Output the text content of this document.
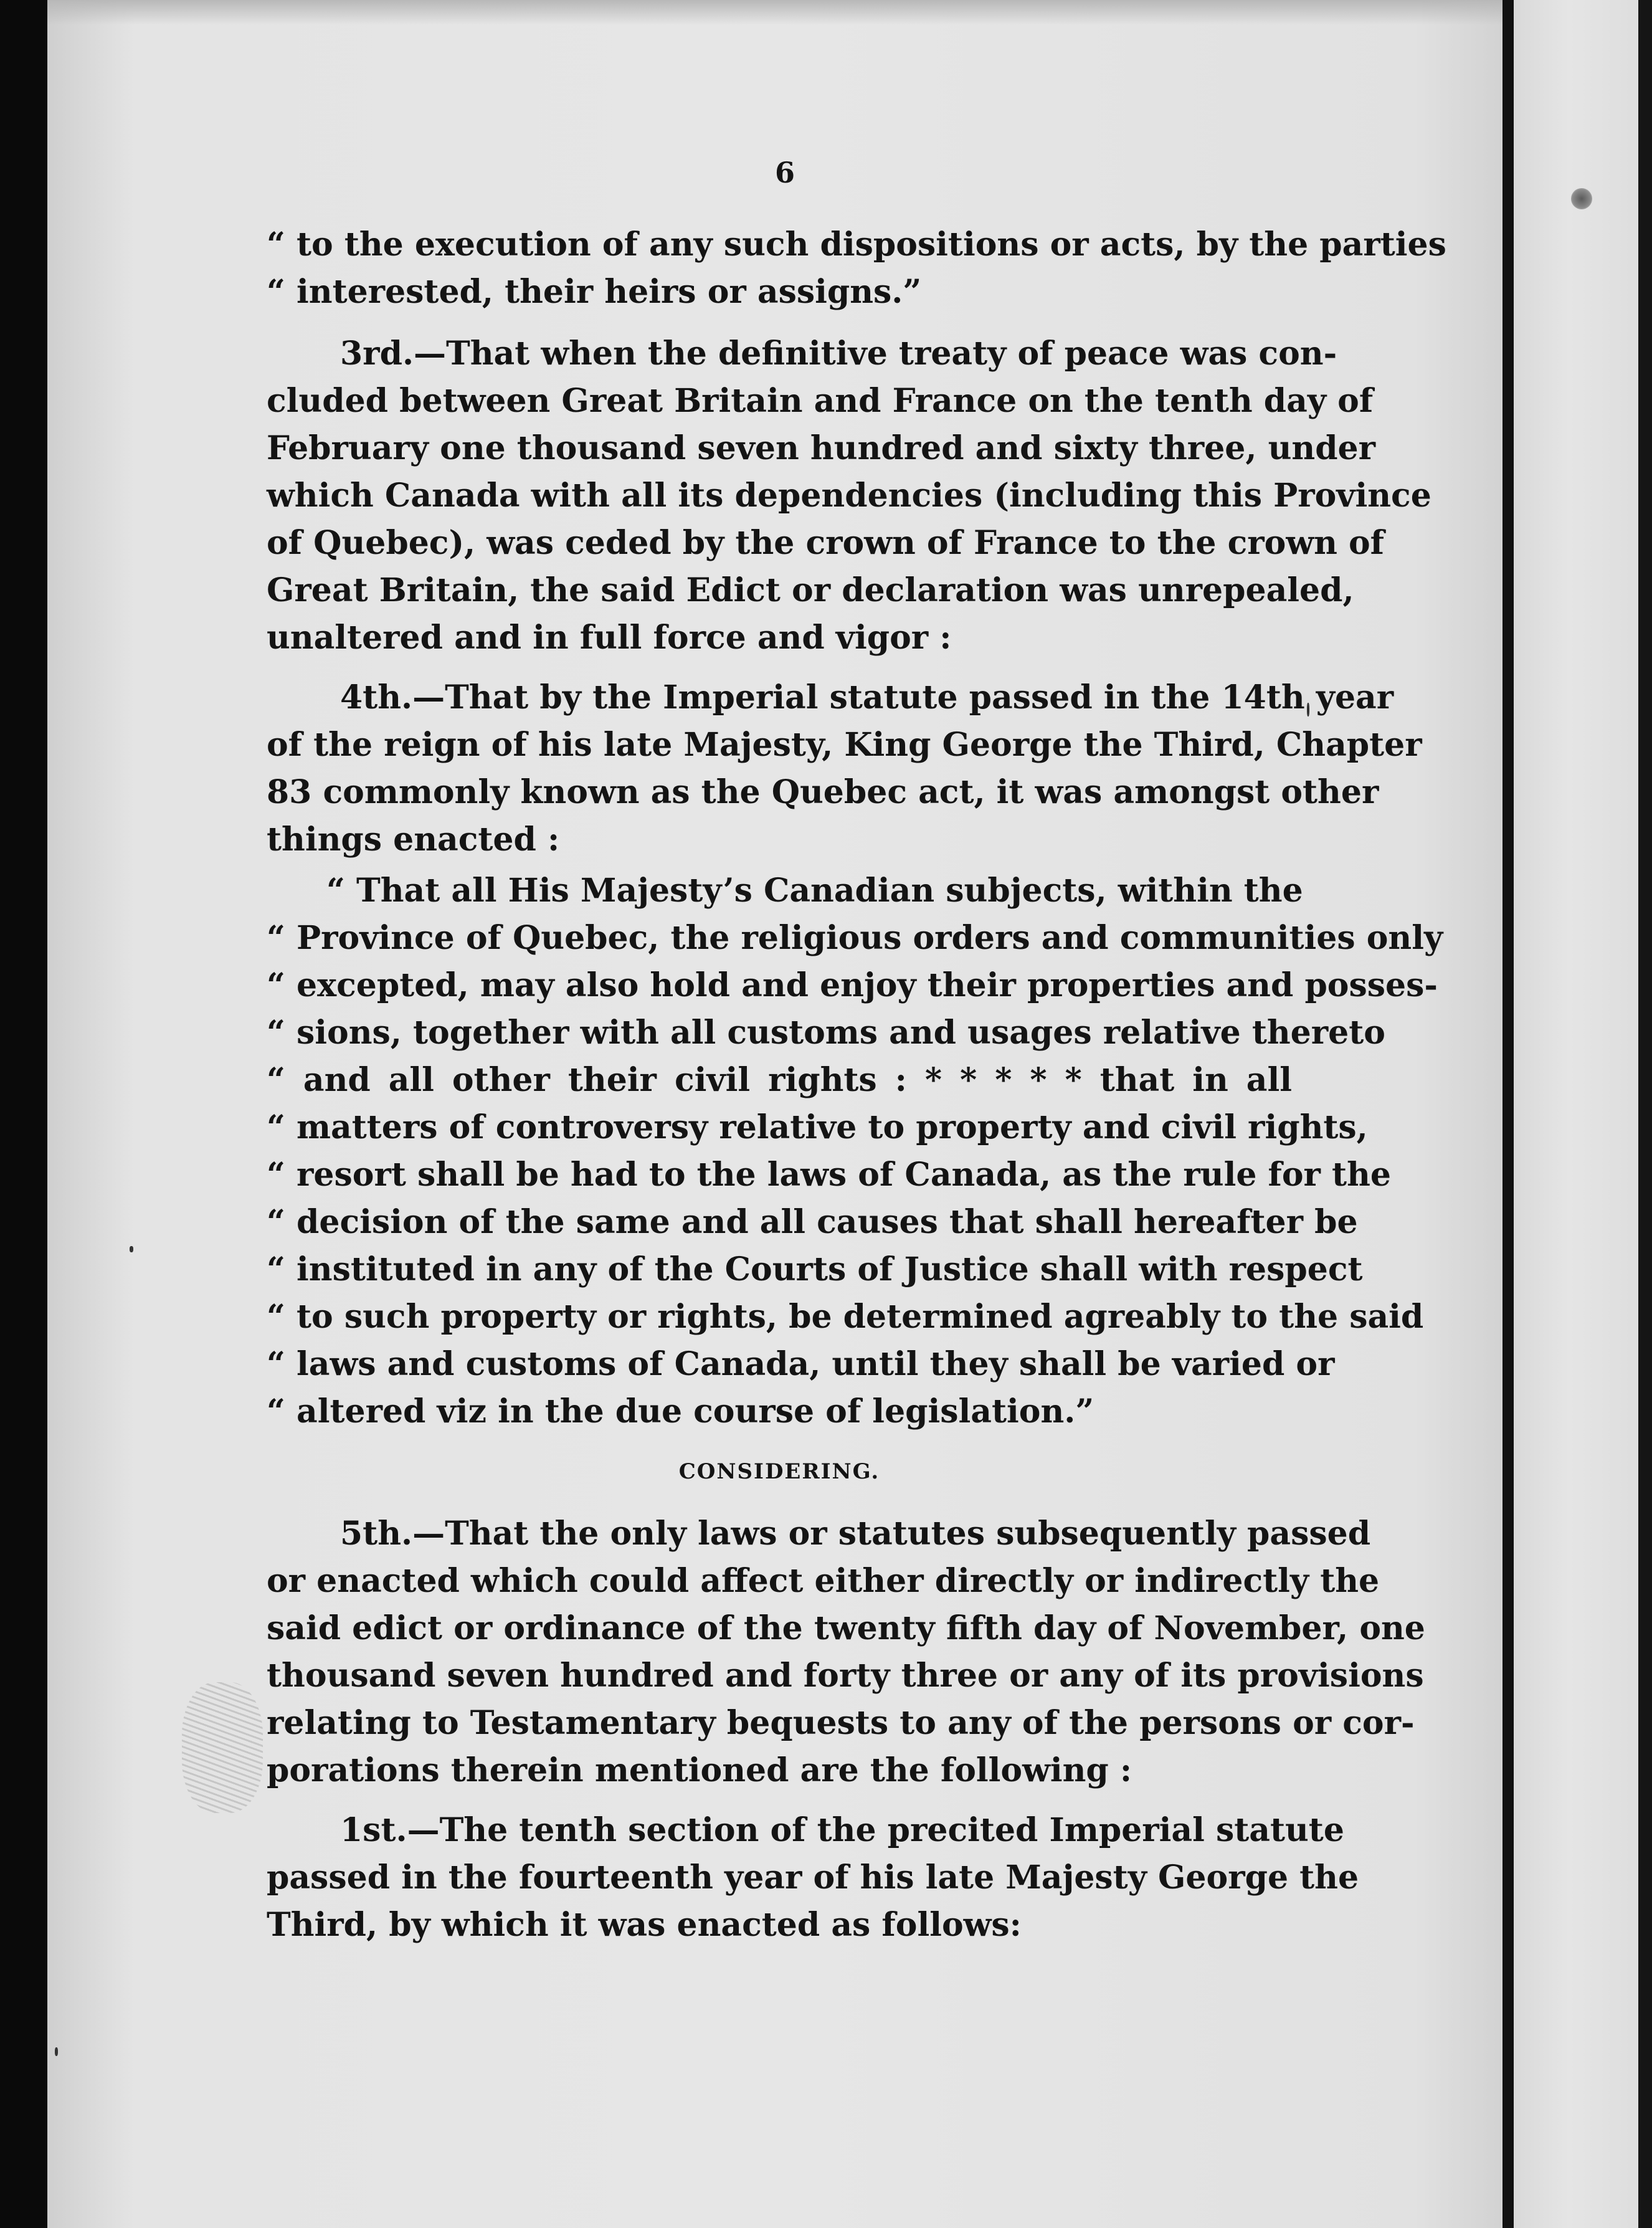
6
“ to the execution of any such dispositions or acts, by the parties
“ interested, their heirs or assigns.”
3rd.—That when the definitive treaty of peace was con-
cluded between Great Britain and France on the tenth day of
February one thousand seven hundred and sixty three, under
which Canada with all its dependencies (including this Province
of Quebec), was ceded by the crown of France to the crown of
Great Britain, the said Edict or declaration was unrepealed,
unaltered and in full force and vigor :
4th.—That by the Imperial statute passed in the 14th year
of the reign of his late Majesty, King George the Third, Chapter
83 commonly known as the Quebec act, it was amongst other
things enacted :
“ That all His Majesty’s Canadian subjects, within the
“ Province of Quebec, the religious orders and communities only
“ excepted, may also hold and enjoy their properties and posses-
“ sions, together with all customs and usages relative thereto
“ and all other their civil rights : * * * * * that in all
“ matters of controversy relative to property and civil rights,
“ resort shall be had to the laws of Canada, as the rule for the
“ decision of the same and all causes that shall hereafter be
“ instituted in any of the Courts of Justice shall with respect
“ to such property or rights, be determined agreably to the said
“ laws and customs of Canada, until they shall be varied or
“ altered viz in the due course of legislation.”
CONSIDERING.
5th.—That the only laws or statutes subsequently passed
or enacted which could affect either directly or indirectly the
said edict or ordinance of the twenty fifth day of November, one
thousand seven hundred and forty three or any of its provisions
relating to Testamentary bequests to any of the persons or cor-
porations therein mentioned are the following :
1st.—The tenth section of the precited Imperial statute
passed in the fourteenth year of his late Majesty George the
Third, by which it was enacted as follows:
